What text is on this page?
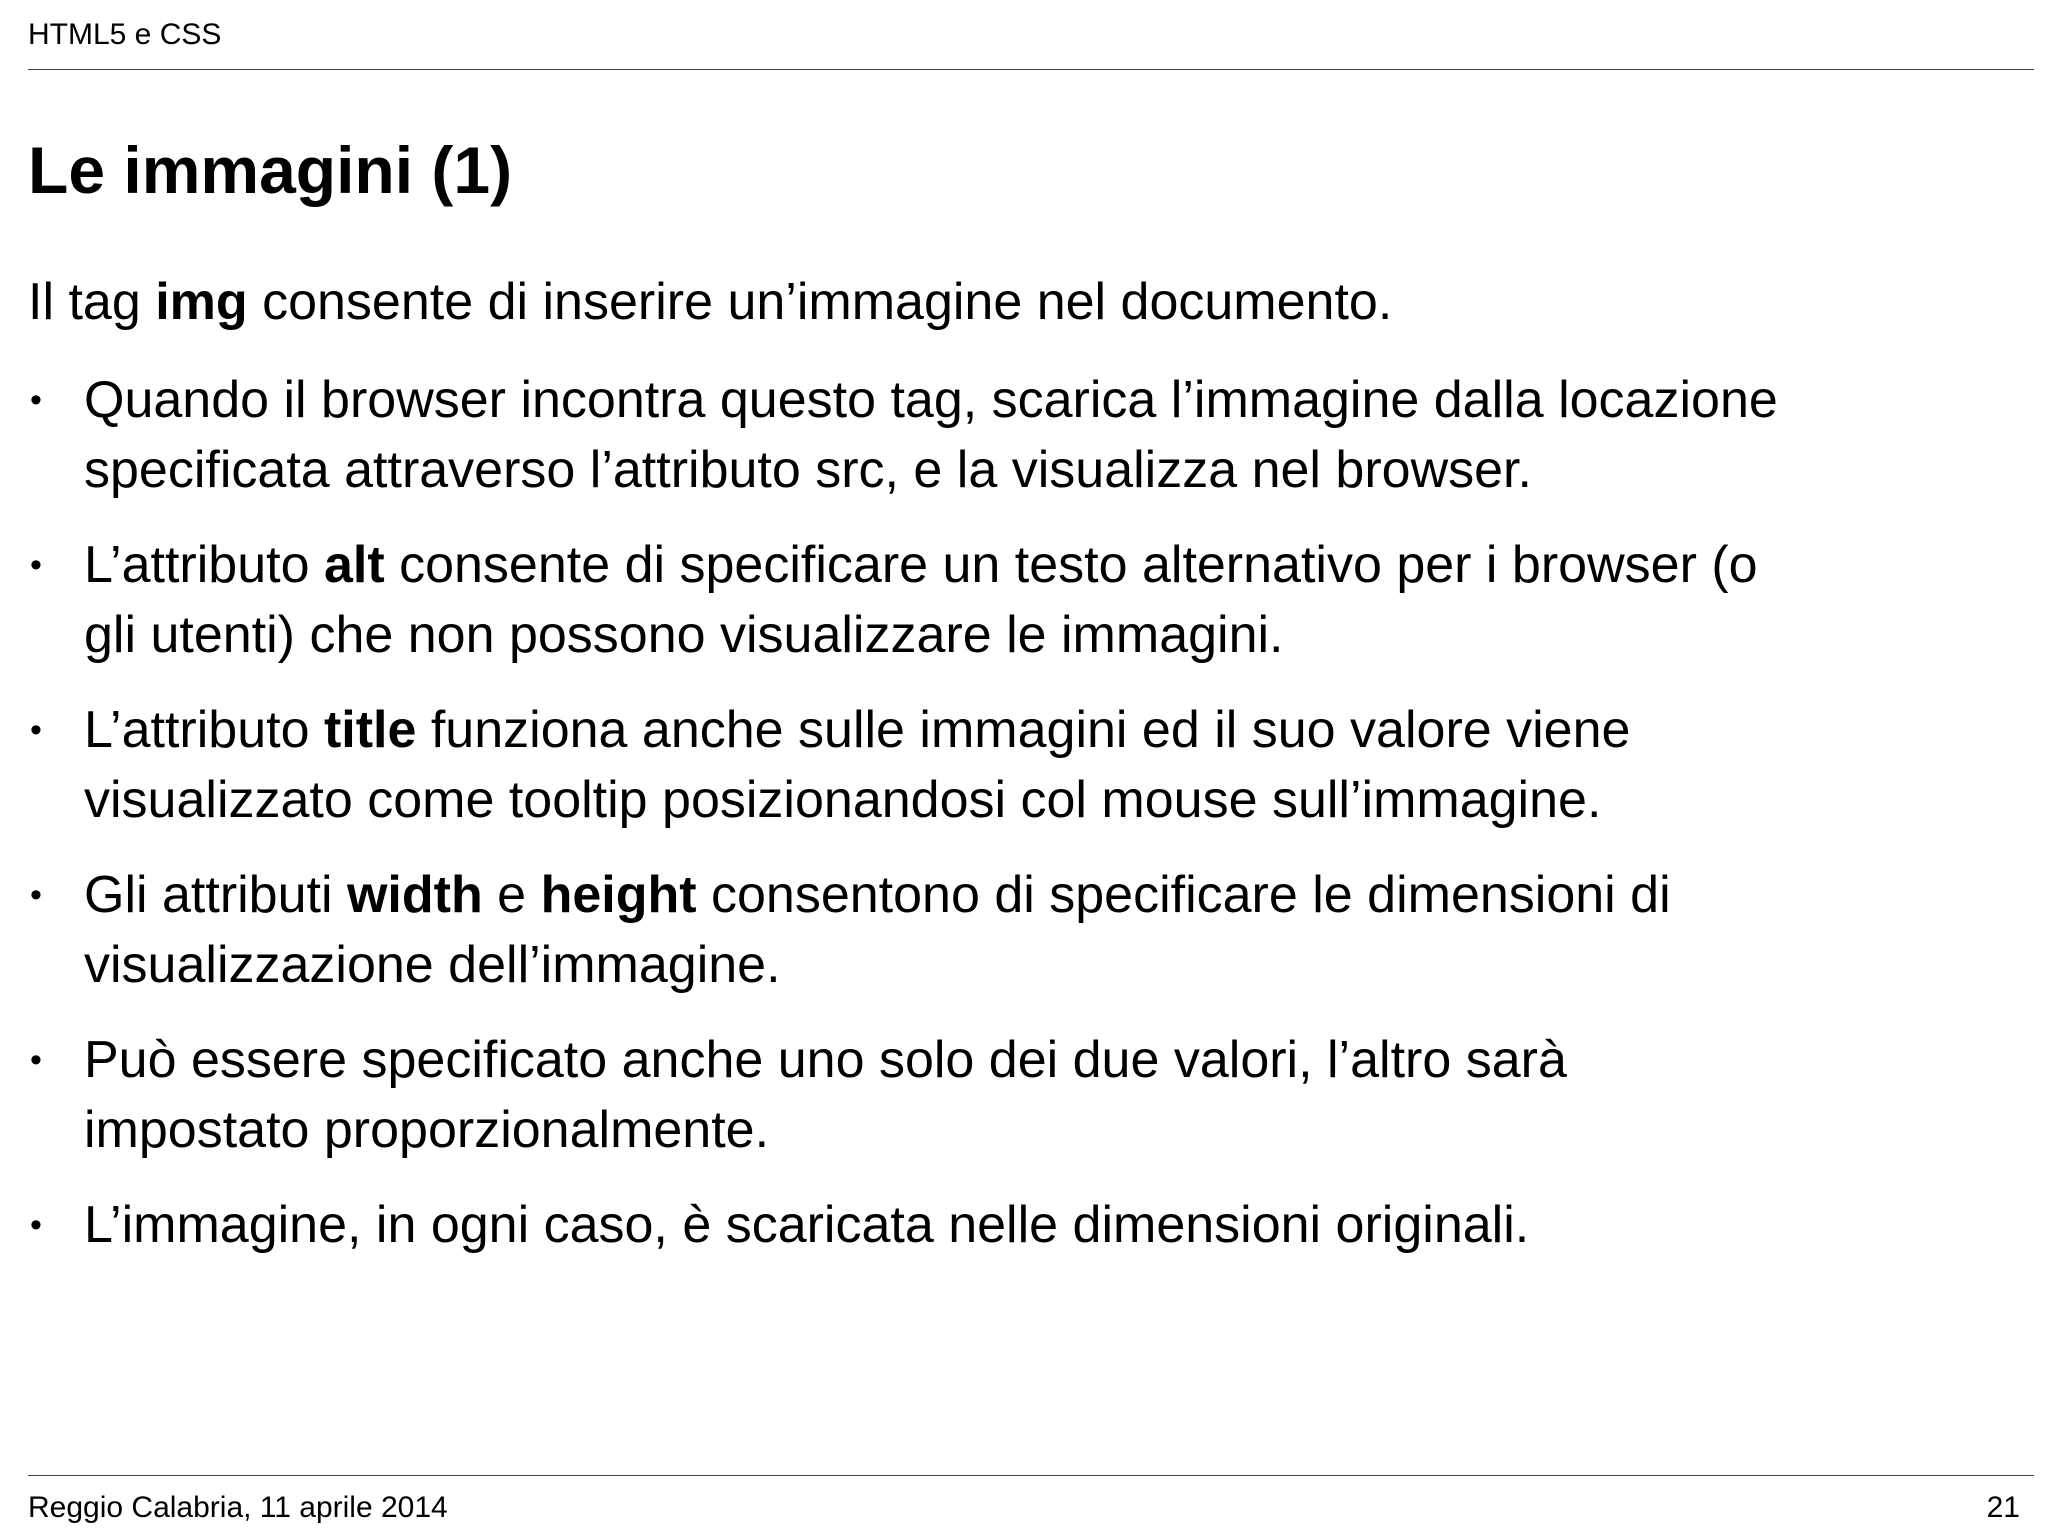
HTML5 e CSS
Le immagini (1)

Il tag img consente di inserire un’immagine nel documento.

• Quando il browser incontra questo tag, scarica l’immagine dalla locazione
specificata attraverso l’attributo src, e la visualizza nel browser.
• L’attributo alt consente di specificare un testo alternativo per i browser (o
gli utenti) che non possono visualizzare le immagini.
• L’attributo title funziona anche sulle immagini ed il suo valore viene
visualizzato come tooltip posizionandosi col mouse sull’immagine.
• Gli attributi width e height consentono di specificare le dimensioni di
visualizzazione dell’immagine.
• Può essere specificato anche uno solo dei due valori, l’altro sarà
impostato proporzionalmente.
• L’immagine, in ogni caso, è scaricata nelle dimensioni originali.
Reggio Calabria, 11 aprile 2014	21
